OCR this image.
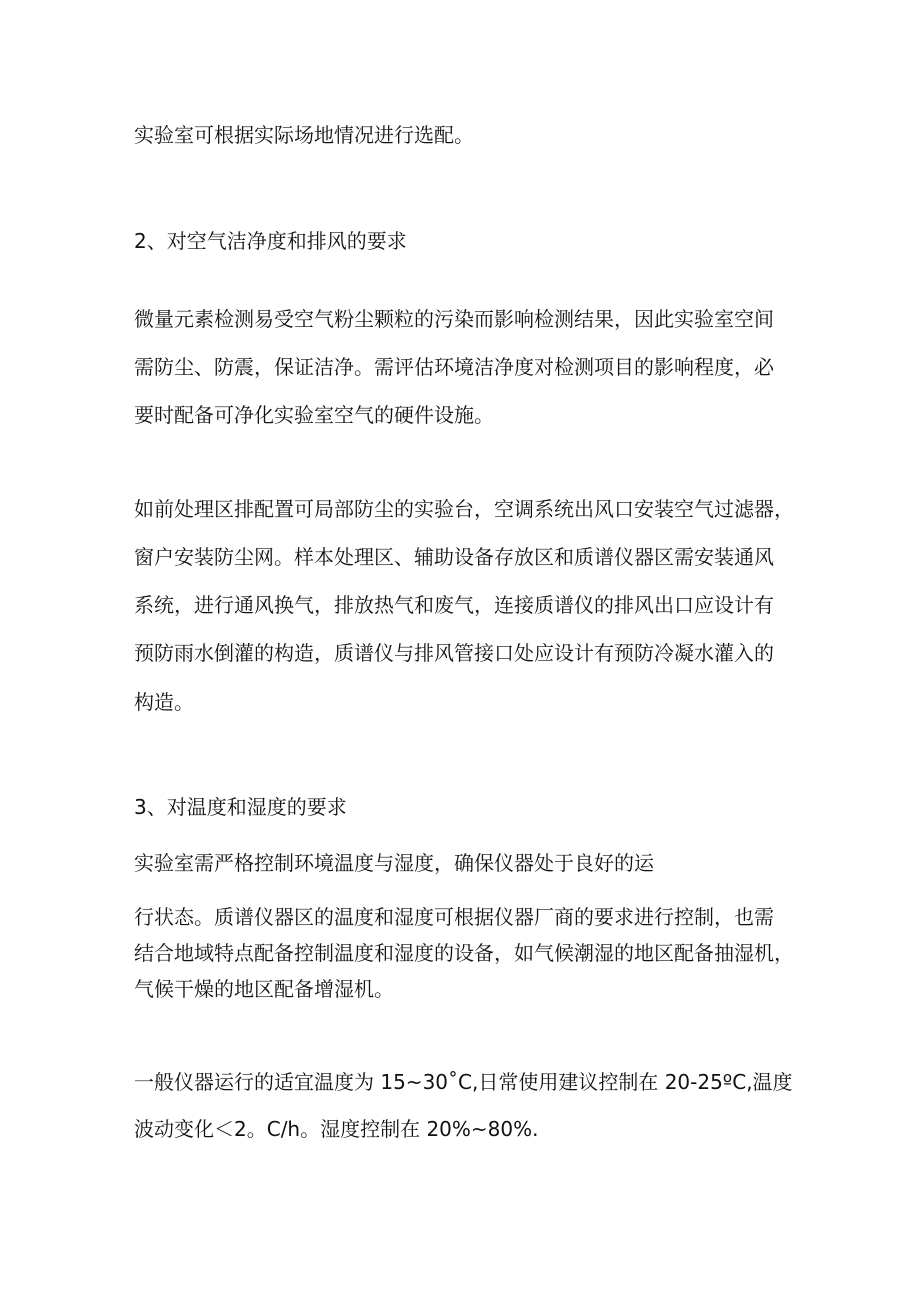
实验室可根据实际场地情况进行选配。

2、对空气洁净度和排风的要求

微量元素检测易受空气粉尘颗粒的污染而影响检测结果，因此实验室空间

需防尘、防震，保证洁净。需评估环境洁净度对检测项目的影响程度，必

要时配备可净化实验室空气的硬件设施。

如前处理区排配置可局部防尘的实验台，空调系统出风口安装空气过滤器，

窗户安装防尘网。样本处理区、辅助设备存放区和质谱仪器区需安装通风

系统，进行通风换气，排放热气和废气，连接质谱仪的排风出口应设计有

预防雨水倒灌的构造，质谱仪与排风管接口处应设计有预防冷凝水灌入的

构造。

3、对温度和湿度的要求

实验室需严格控制环境温度与湿度，确保仪器处于良好的运

行状态。质谱仪器区的温度和湿度可根据仪器厂商的要求进行控制，也需

结合地域特点配备控制温度和湿度的设备，如气候潮湿的地区配备抽湿机，

气候干燥的地区配备增湿机。

一般仪器运行的适宜温度为 15~30˚C,日常使用建议控制在 20-25ºC,温度

波动变化＜2。C/h。湿度控制在 20%~80%.
